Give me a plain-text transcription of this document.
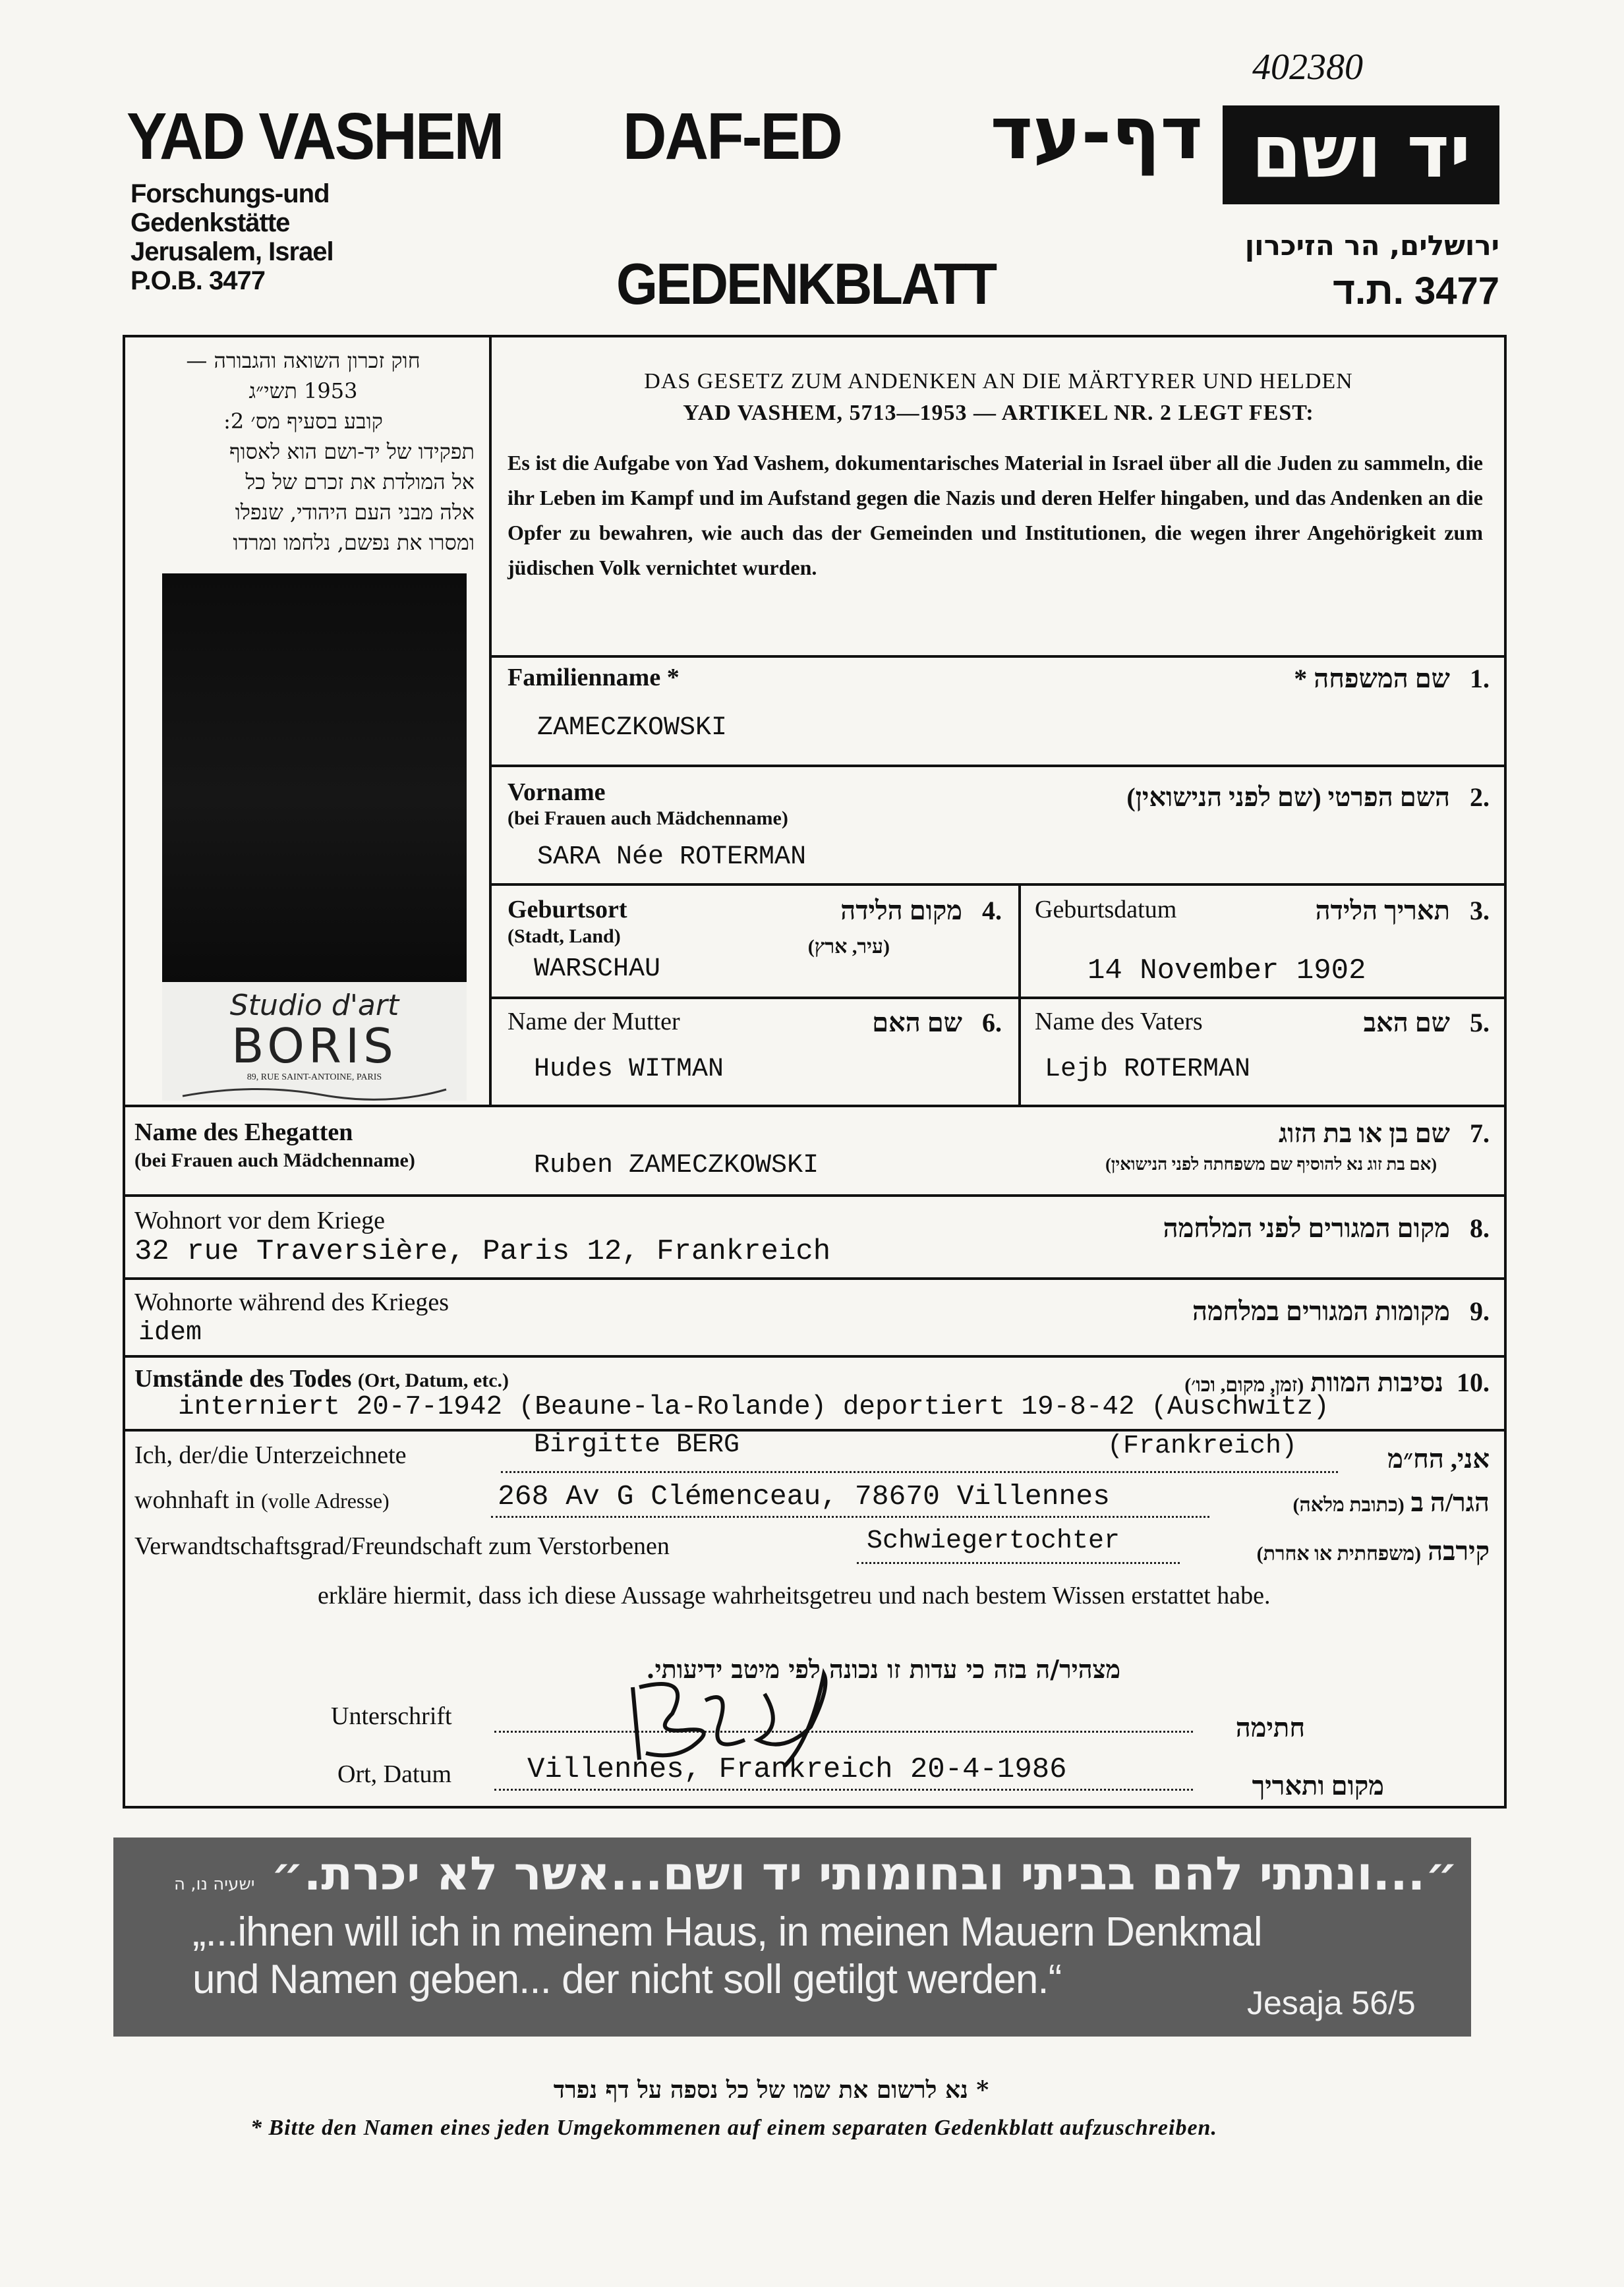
402380
YAD VASHEM
Forschungs-und
Gedenkstätte
Jerusalem, Israel
P.O.B. 3477
DAF-ED
GEDENKBLATT
דף-עד יד ושם
ירושלים, הר הזיכרון
3477 .ת.ד
חוק זכרון השואה והגבורה —
1953 תשי״ג
קובע בסעיף מס׳ 2:
תפקידו של יד-ושם הוא לאסוף
אל המולדת את זכרם של כל
אלה מבני העם היהודי, שנפלו
ומסרו את נפשם, נלחמו ומרדו
Studio d'art
BORIS
89, RUE SAINT-ANTOINE, PARIS
DAS GESETZ ZUM ANDENKEN AN DIE MÄRTYRER UND HELDEN
YAD VASHEM, 5713—1953 — ARTIKEL NR. 2 LEGT FEST:
Es ist die Aufgabe von Yad Vashem, dokumentarisches Material in Israel über all die Juden zu sammeln, die ihr Leben im Kampf und im Aufstand gegen die Nazis und deren Helfer hingaben, und das Andenken an die Opfer zu bewahren, wie auch das der Gemeinden und Institutionen, die wegen ihrer Angehörigkeit zum jüdischen Volk vernichtet wurden.
Familienname *	.1   שם המשפחה *
ZAMECZKOWSKI
Vorname
(bei Frauen auch Mädchenname)
.2   השם הפרטי (שם לפני הנישואין)
SARA Née ROTERMAN
Geburtsort
(Stadt, Land)
.4   מקום הלידה
(עיר, ארץ)
WARSCHAU
Geburtsdatum	.3   תאריך הלידה
14 November 1902
Name der Mutter	.6   שם האם
Hudes WITMAN
Name des Vaters	.5   שם האב
Lejb ROTERMAN
Name des Ehegatten
(bei Frauen auch Mädchenname)	Ruben ZAMECZKOWSKI
.7   שם בן או בת הזוג
(אם בת זוג נא להוסיף שם משפחתה לפני הנישואין)
Wohnort vor dem Kriege
32 rue Traversière, Paris 12, Frankreich
.8   מקום המגורים לפני המלחמה
Wohnorte während des Krieges
idem
.9   מקומות המגורים במלחמה
Umstände des Todes (Ort, Datum, etc.)	.10  נסיבות המוות (זמן, מקום, וכו׳)
interniert 20-7-1942 (Beaune-la-Rolande) deportiert 19-8-42 (Auschwitz)
Ich, der/die Unterzeichnete	Birgitte BERG	(Frankreich)	אני, הח״מ
wohnhaft in (volle Adresse)	268 Av G Clémenceau, 78670 Villennes	הגר/ה ב (כתובת מלאה)
Verwandtschaftsgrad/Freundschaft zum Verstorbenen	Schwiegertochter	קירבה (משפחתית או אחרת)
erkläre hiermit, dass ich diese Aussage wahrheitsgetreu und nach bestem Wissen erstattet habe.
מצהיר/ה בזה כי עדות זו נכונה לפי מיטב ידיעותי.
Unterschrift	חתימה
Ort, Datum	Villennes, Frankreich 20-4-1986	מקום ותאריך
״...ונתתי להם בביתי ובחומותי יד ושם...אשר לא יכרת.״ ישעיה נו, ה
„...ihnen will ich in meinem Haus, in meinen Mauern Denkmal
und Namen geben... der nicht soll getilgt werden.“
Jesaja 56/5
* נא לרשום את שמו של כל נספה על דף נפרד
* Bitte den Namen eines jeden Umgekommenen auf einem separaten Gedenkblatt aufzuschreiben.
